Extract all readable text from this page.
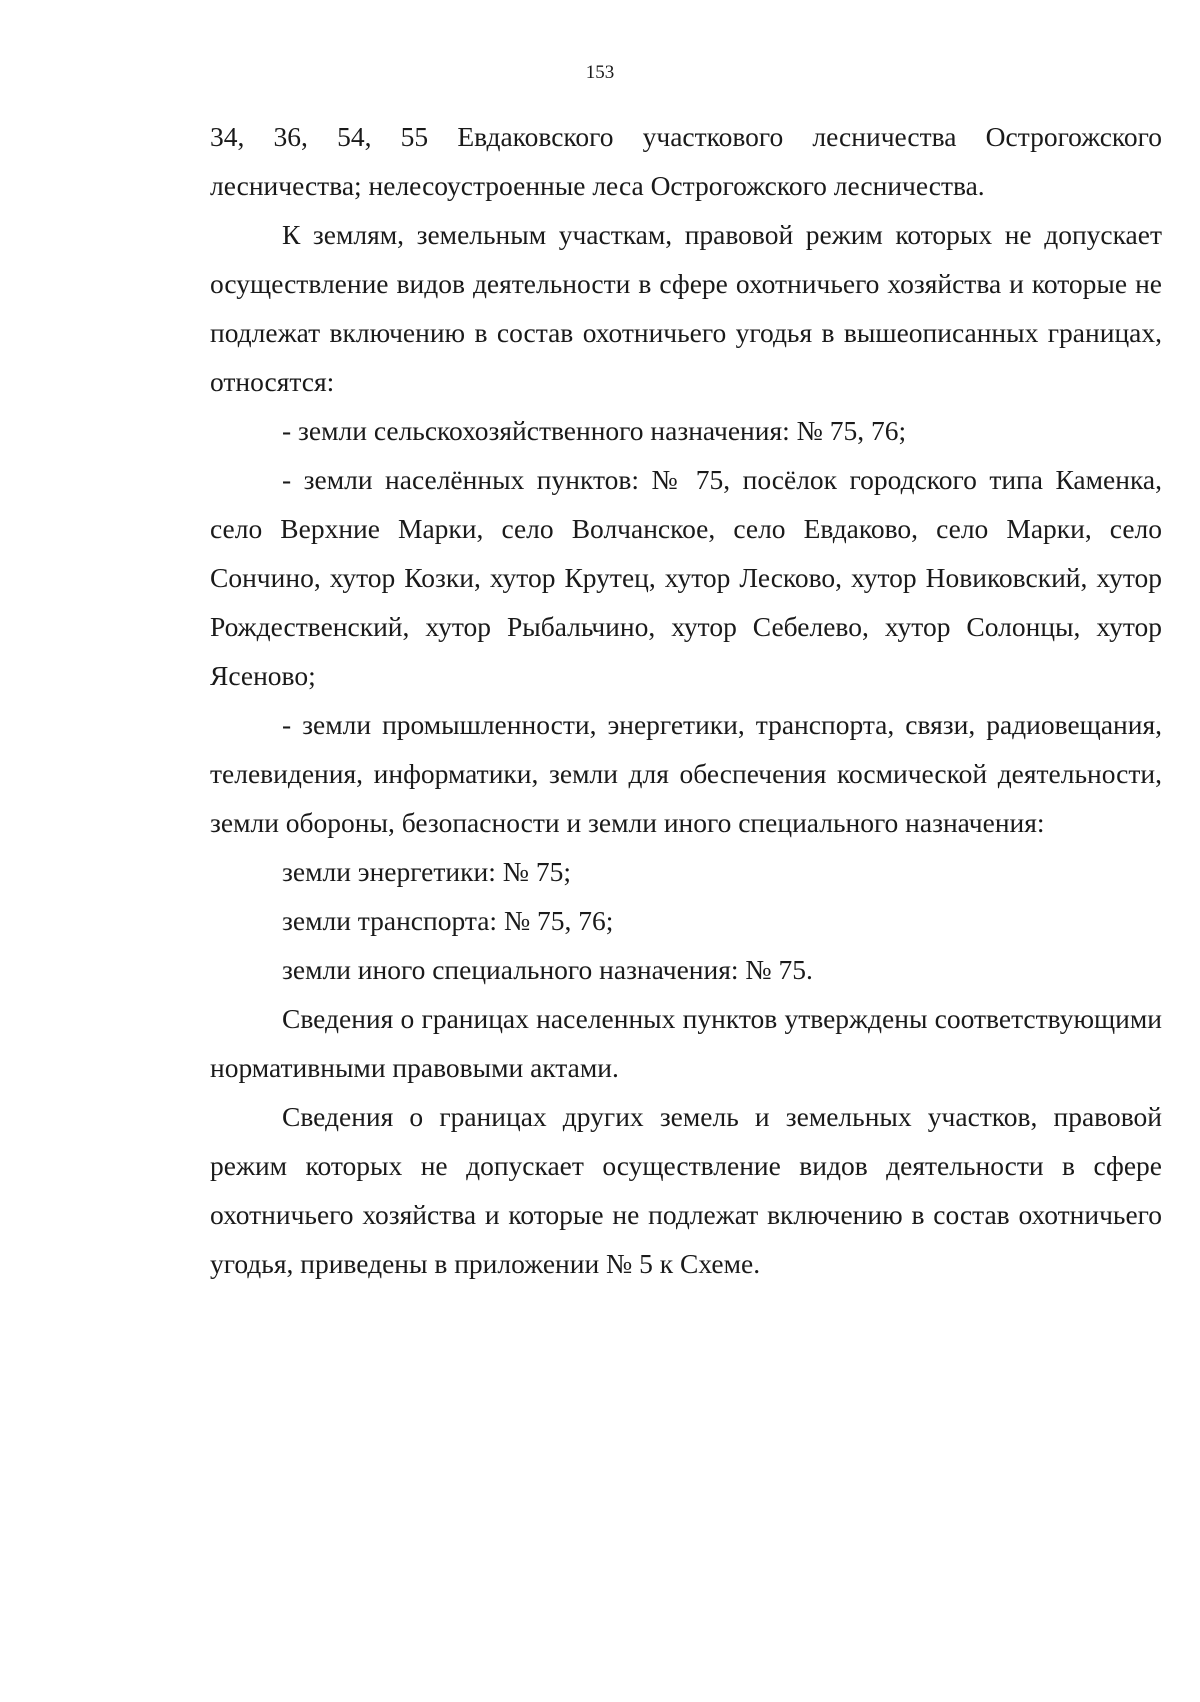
153

34, 36, 54, 55 Евдаковского участкового лесничества Острогожского лесничества; нелесоустроенные леса Острогожского лесничества.

К землям, земельным участкам, правовой режим которых не допускает осуществление видов деятельности в сфере охотничьего хозяйства и которые не подлежат включению в состав охотничьего угодья в вышеописанных границах, относятся:

- земли сельскохозяйственного назначения: № 75, 76;

- земли населённых пунктов: № 75, посёлок городского типа Каменка, село Верхние Марки, село Волчанское, село Евдаково, село Марки, село Сончино, хутор Козки, хутор Крутец, хутор Лесково, хутор Новиковский, хутор Рождественский, хутор Рыбальчино, хутор Себелево, хутор Солонцы, хутор Ясеново;

- земли промышленности, энергетики, транспорта, связи, радиовещания, телевидения, информатики, земли для обеспечения космической деятельности, земли обороны, безопасности и земли иного специального назначения:

земли энергетики: № 75;

земли транспорта: № 75, 76;

земли иного специального назначения: № 75.

Сведения о границах населенных пунктов утверждены соответствующими нормативными правовыми актами.

Сведения о границах других земель и земельных участков, правовой режим которых не допускает осуществление видов деятельности в сфере охотничьего хозяйства и которые не подлежат включению в состав охотничьего угодья, приведены в приложении № 5 к Схеме.
